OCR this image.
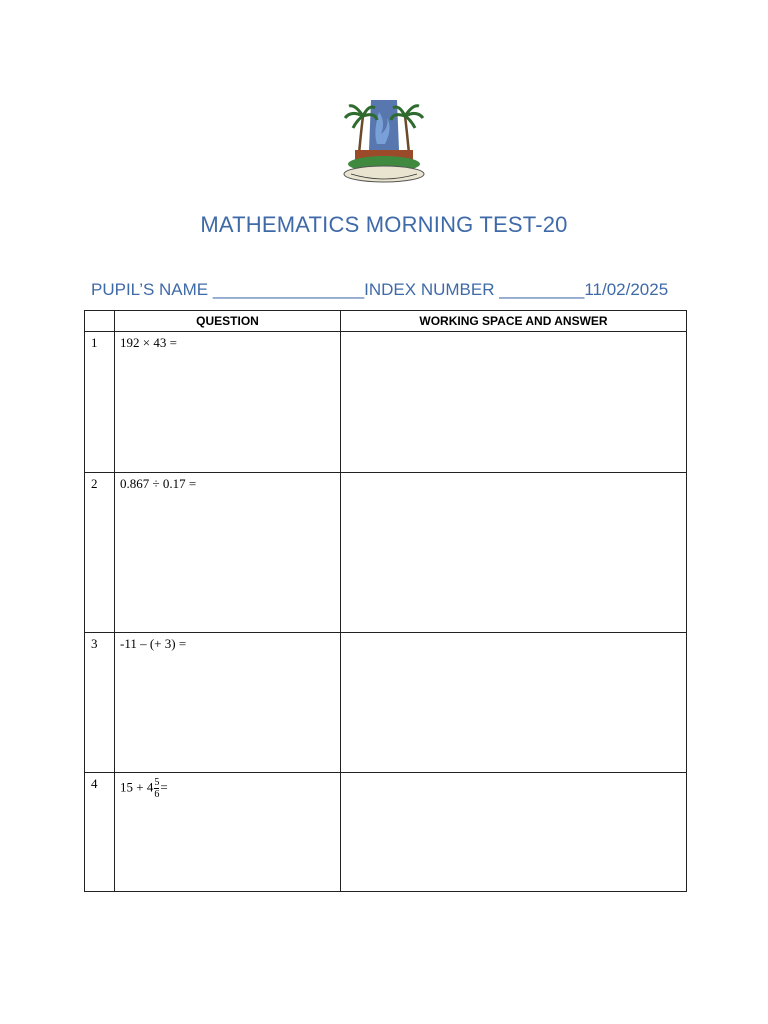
MATHEMATICS MORNING TEST-20
PUPIL’S NAME ________________INDEX NUMBER _________11/02/2025
	QUESTION	WORKING SPACE AND ANSWER
1	192 × 43 =	
2	0.867 ÷ 0.17 =	
3	-11 – (+ 3) =	
4	$15 + 4 \frac{5}{6}$ =	
